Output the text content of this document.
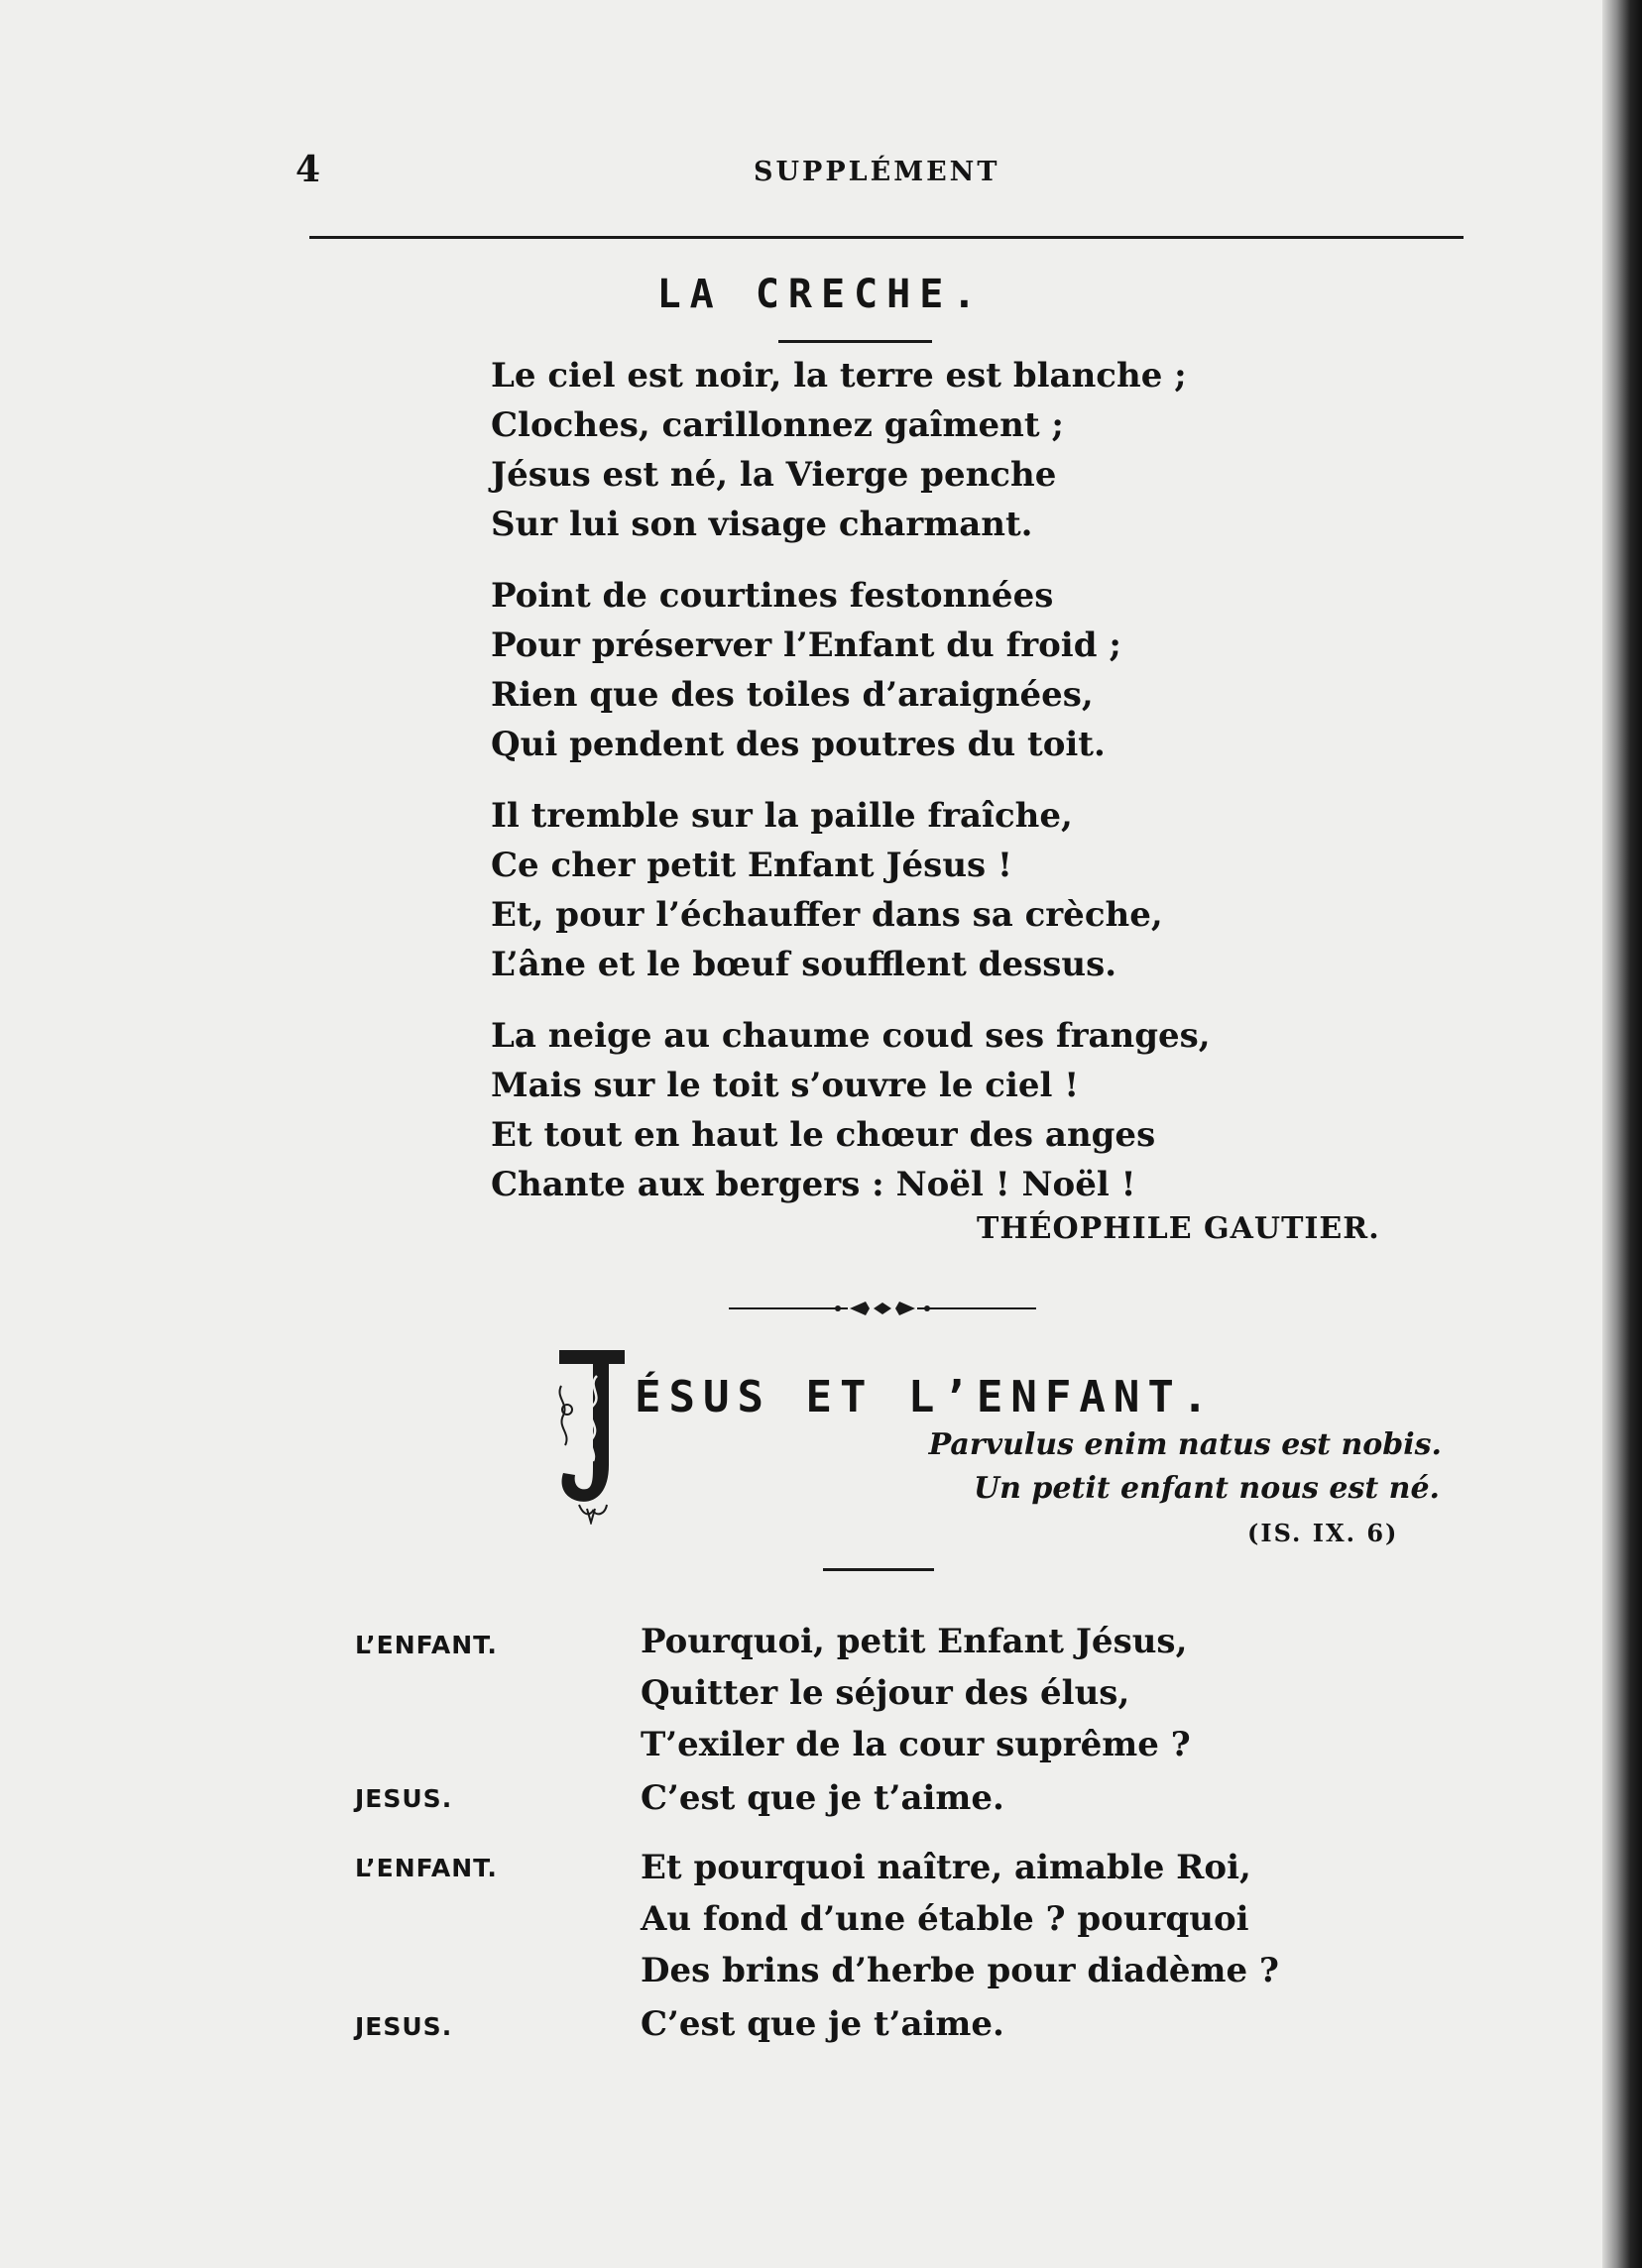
4	SUPPLÉMENT
LA CRECHE.
Le ciel est noir, la terre est blanche ;
Cloches, carillonnez gaîment ;
Jésus est né, la Vierge penche
Sur lui son visage charmant.
Point de courtines festonnées
Pour préserver l’Enfant du froid ;
Rien que des toiles d’araignées,
Qui pendent des poutres du toit.
Il tremble sur la paille fraîche,
Ce cher petit Enfant Jésus !
Et, pour l’échauffer dans sa crèche,
L’âne et le bœuf soufflent dessus.
La neige au chaume coud ses franges,
Mais sur le toit s’ouvre le ciel !
Et tout en haut le chœur des anges
Chante aux bergers : Noël ! Noël !
THÉOPHILE GAUTIER.
ÉSUS ET L’ENFANT.
Parvulus enim natus est nobis.
Un petit enfant nous est né.
(IS. IX. 6)
L’ENFANT.	Pourquoi, petit Enfant Jésus,
Quitter le séjour des élus,
T’exiler de la cour suprême ?
JESUS.	C’est que je t’aime.
L’ENFANT.	Et pourquoi naître, aimable Roi,
Au fond d’une étable ? pourquoi
Des brins d’herbe pour diadème ?
JESUS.	C’est que je t’aime.
